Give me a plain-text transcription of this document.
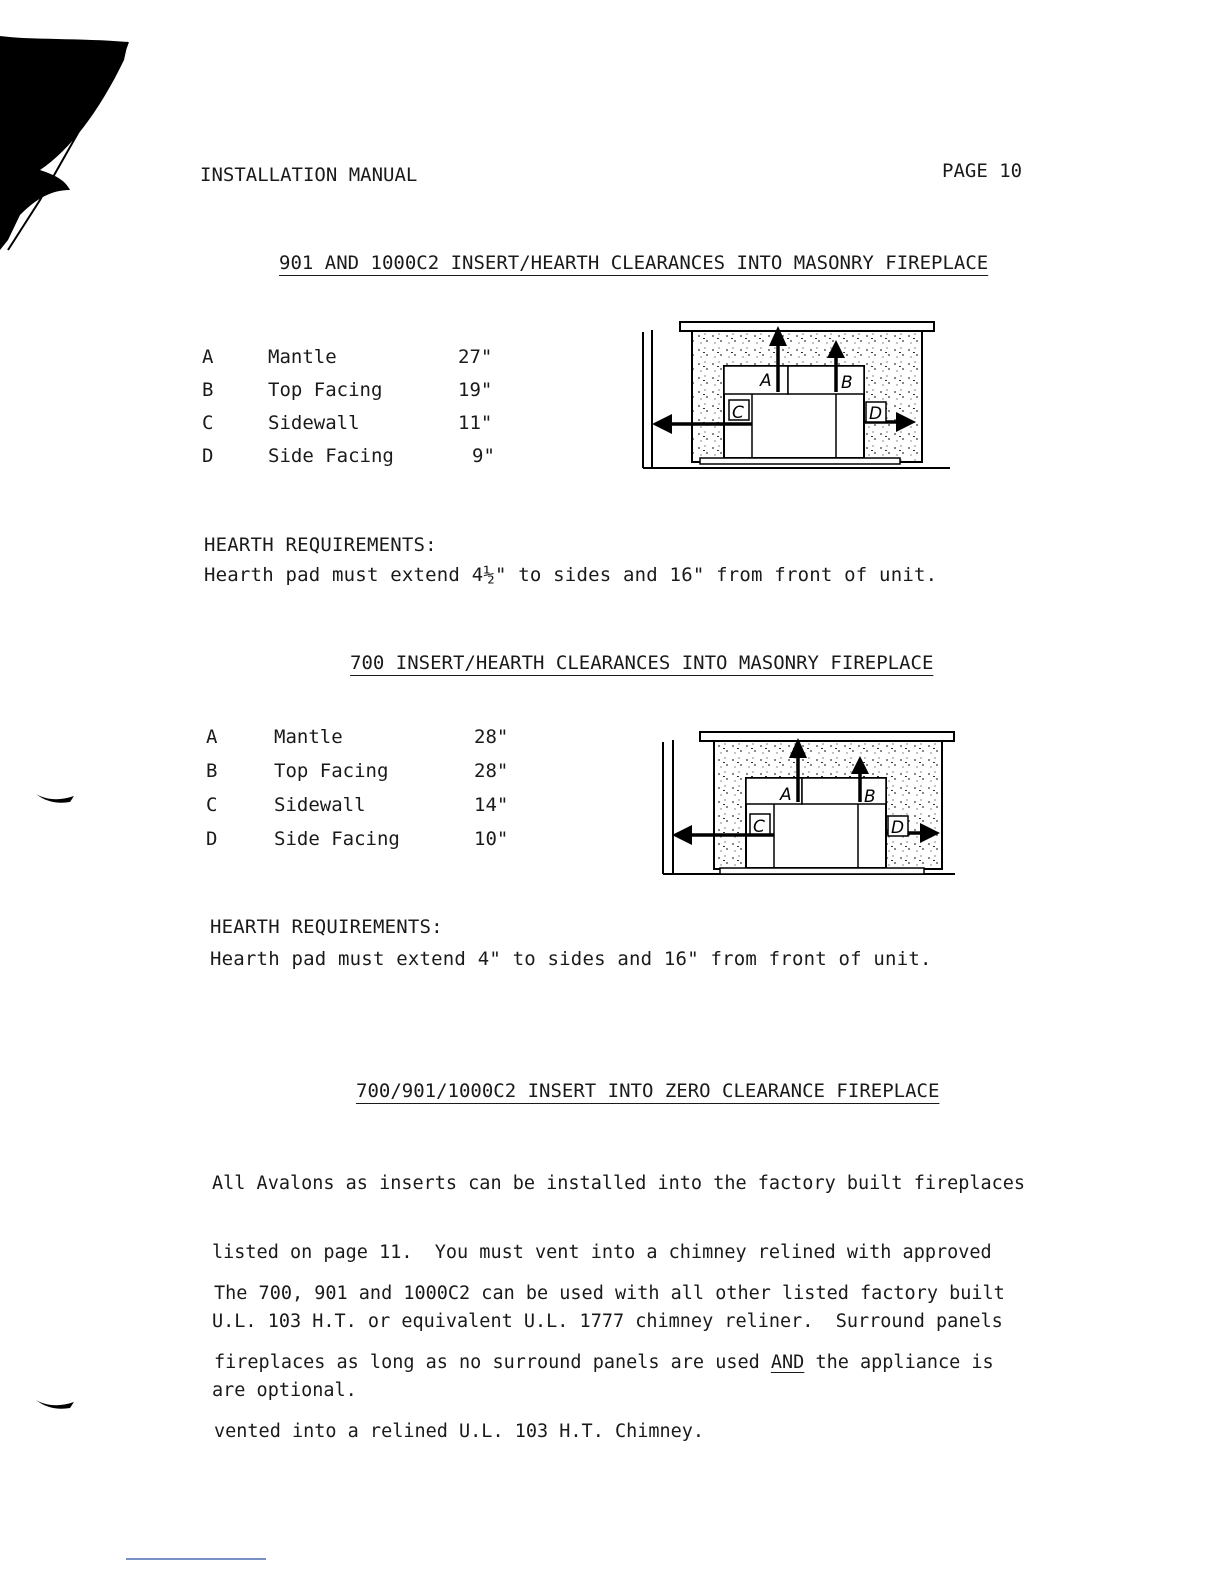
INSTALLATION MANUAL	PAGE 10
901 AND 1000C2 INSERT/HEARTH CLEARANCES INTO MASONRY FIREPLACE
A	Mantle	27"
B	Top Facing	19"
C	Sidewall	11"
D	Side Facing	9"
A	B
C	D
HEARTH REQUIREMENTS:
Hearth pad must extend 4½" to sides and 16" from front of unit.
700 INSERT/HEARTH CLEARANCES INTO MASONRY FIREPLACE
A	Mantle	28"
B	Top Facing	28"
C	Sidewall	14"
D	Side Facing	10"
A	B
C	D
HEARTH REQUIREMENTS:
Hearth pad must extend 4" to sides and 16" from front of unit.
700/901/1000C2 INSERT INTO ZERO CLEARANCE FIREPLACE

All Avalons as inserts can be installed into the factory built fireplaces

listed on page 11.  You must vent into a chimney relined with approved

U.L. 103 H.T. or equivalent U.L. 1777 chimney reliner.  Surround panels

are optional.

The 700, 901 and 1000C2 can be used with all other listed factory built

fireplaces as long as no surround panels are used AND the appliance is

vented into a relined U.L. 103 H.T. Chimney.
